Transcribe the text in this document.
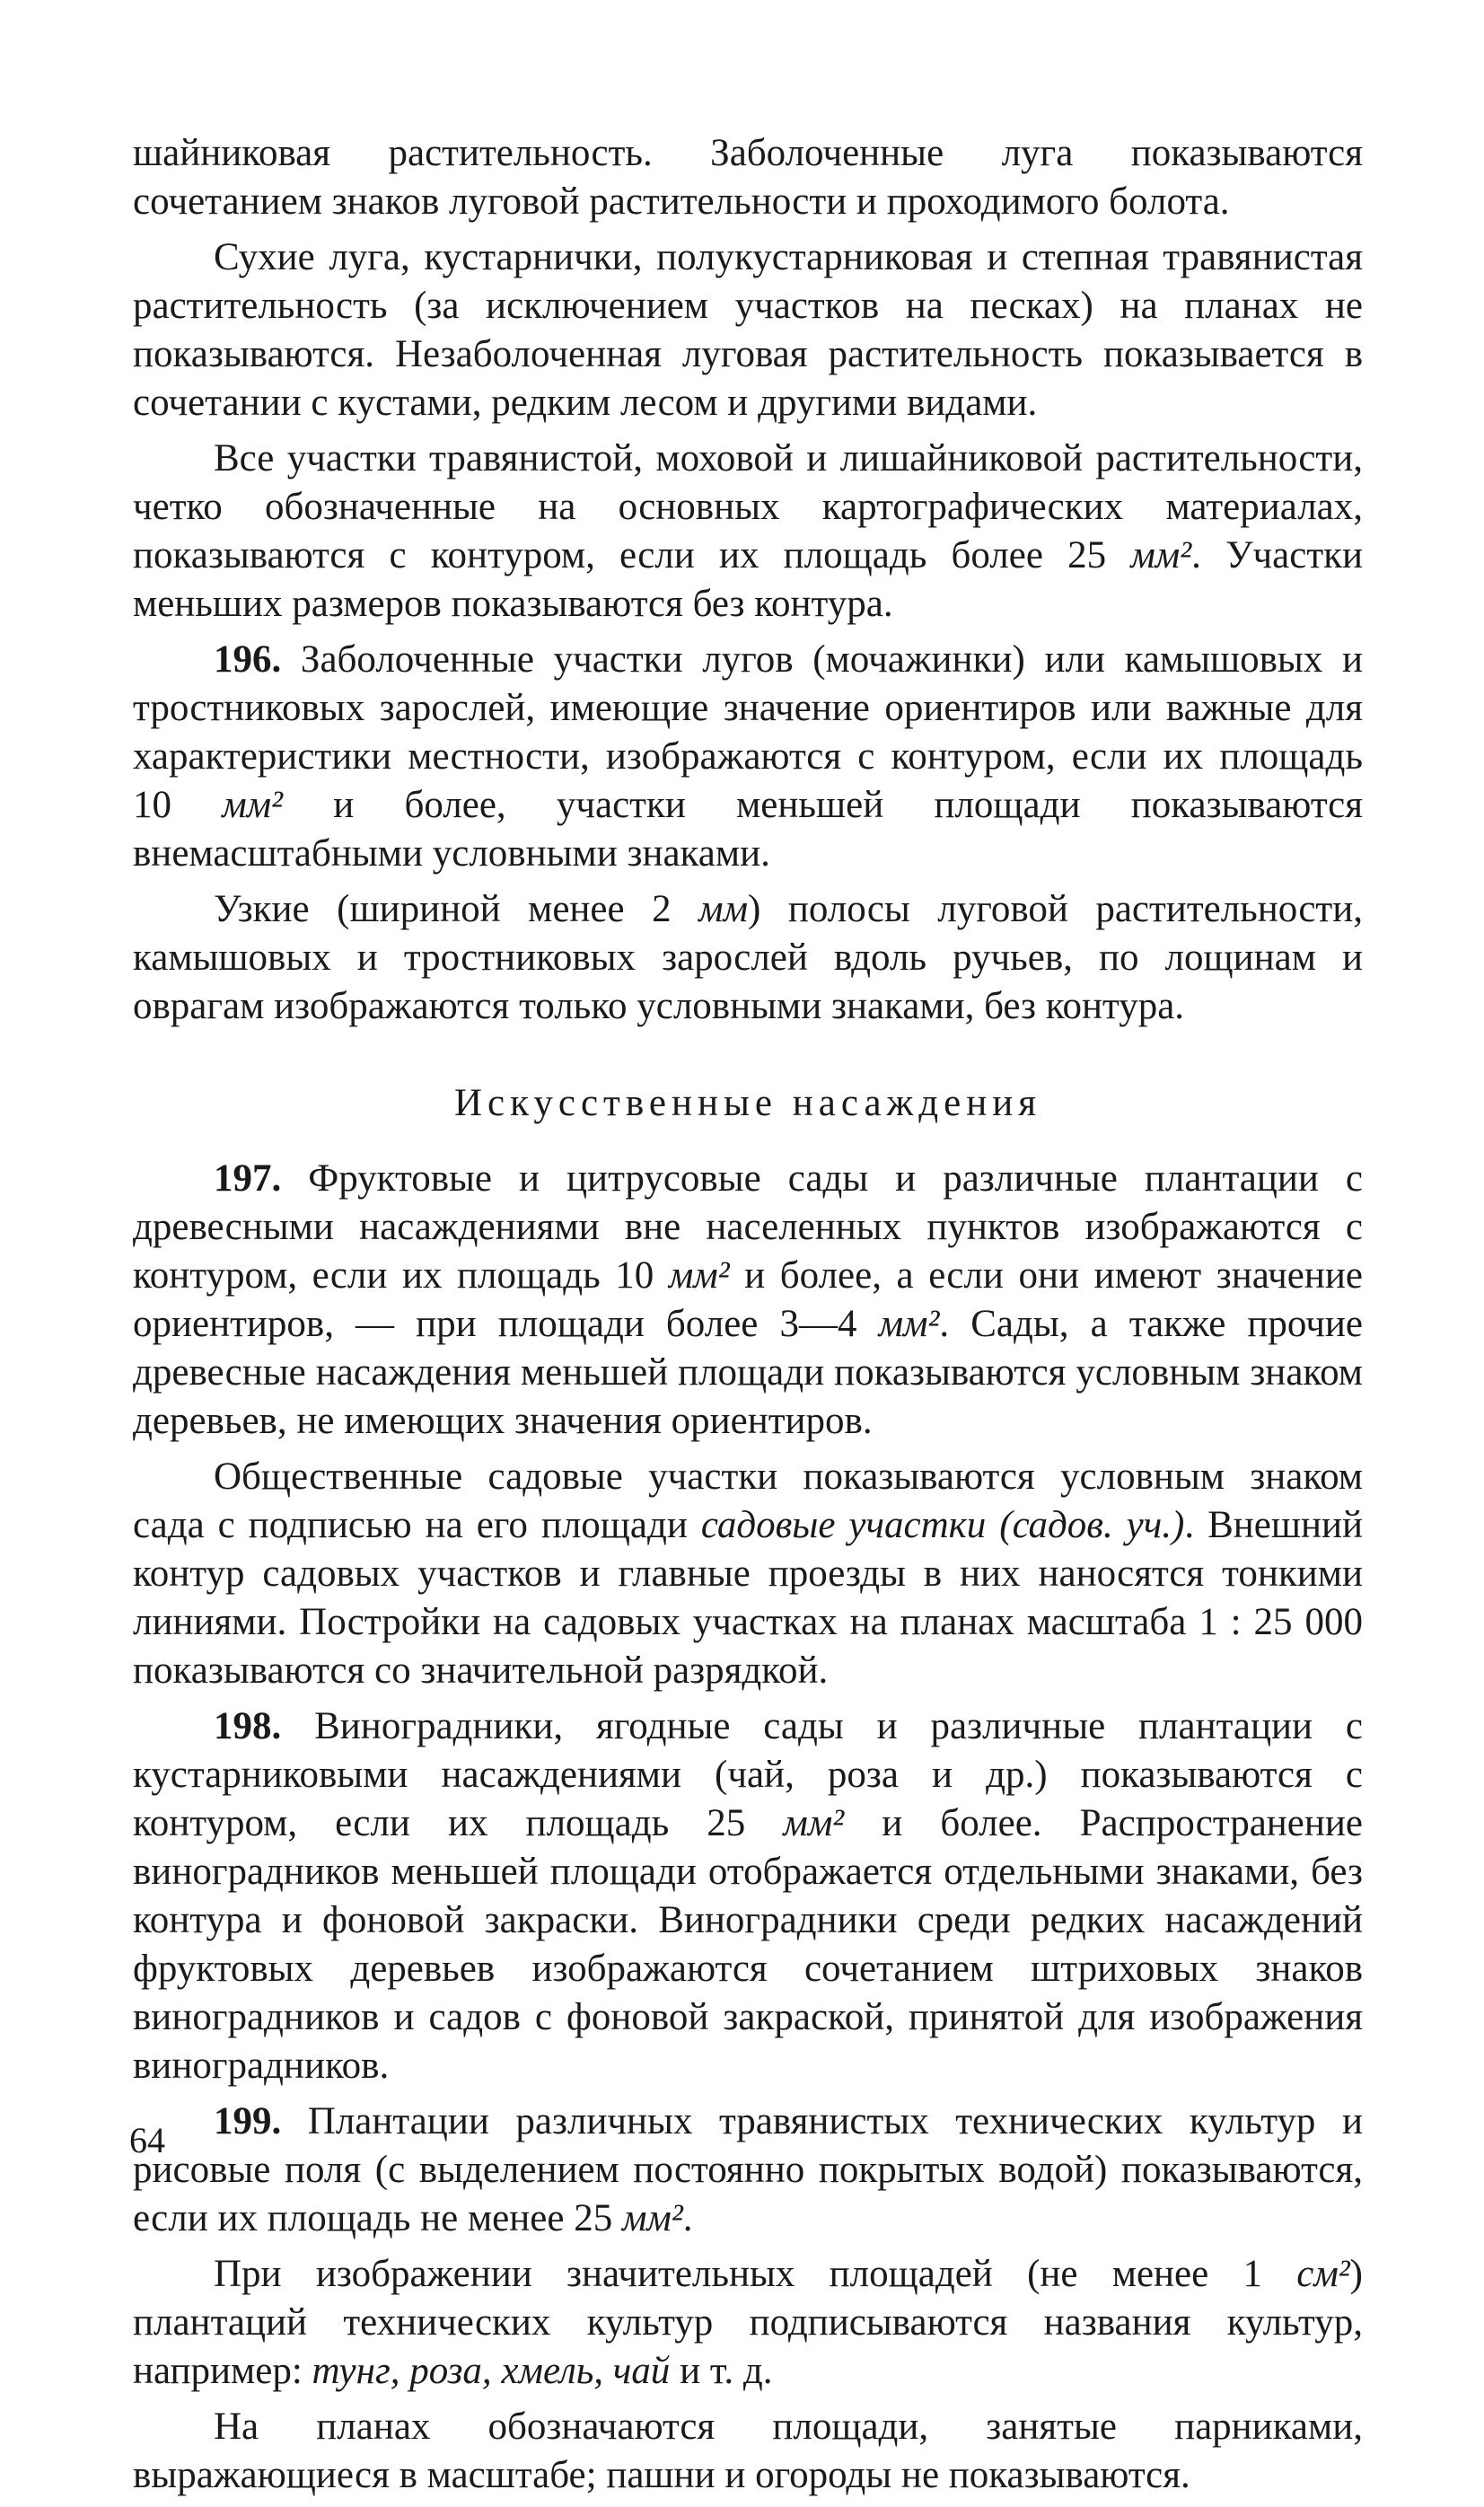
шайниковая растительность. Заболоченные луга показываются сочетанием знаков луговой растительности и проходимого болота.

Сухие луга, кустарнички, полукустарниковая и степная травянистая растительность (за исключением участков на песках) на планах не показываются. Незаболоченная луговая растительность показывается в сочетании с кустами, редким лесом и другими видами.

Все участки травянистой, моховой и лишайниковой растительности, четко обозначенные на основных картографических материалах, показываются с контуром, если их площадь более 25 мм². Участки меньших размеров показываются без контура.

196. Заболоченные участки лугов (мочажинки) или камышовых и тростниковых зарослей, имеющие значение ориентиров или важные для характеристики местности, изображаются с контуром, если их площадь 10 мм² и более, участки меньшей площади показываются внемасштабными условными знаками.

Узкие (шириной менее 2 мм) полосы луговой растительности, камышовых и тростниковых зарослей вдоль ручьев, по лощинам и оврагам изображаются только условными знаками, без контура.

Искусственные насаждения

197. Фруктовые и цитрусовые сады и различные плантации с древесными насаждениями вне населенных пунктов изображаются с контуром, если их площадь 10 мм² и более, а если они имеют значение ориентиров, — при площади более 3—4 мм². Сады, а также прочие древесные насаждения меньшей площади показываются условным знаком деревьев, не имеющих значения ориентиров.

Общественные садовые участки показываются условным знаком сада с подписью на его площади садовые участки (садов. уч.). Внешний контур садовых участков и главные проезды в них наносятся тонкими линиями. Постройки на садовых участках на планах масштаба 1 : 25 000 показываются со значительной разрядкой.

198. Виноградники, ягодные сады и различные плантации с кустарниковыми насаждениями (чай, роза и др.) показываются с контуром, если их площадь 25 мм² и более. Распространение виноградников меньшей площади отображается отдельными знаками, без контура и фоновой закраски. Виноградники среди редких насаждений фруктовых деревьев изображаются сочетанием штриховых знаков виноградников и садов с фоновой закраской, принятой для изображения виноградников.

199. Плантации различных травянистых технических культур и рисовые поля (с выделением постоянно покрытых водой) показываются, если их площадь не менее 25 мм².

При изображении значительных площадей (не менее 1 см²) плантаций технических культур подписываются названия культур, например: тунг, роза, хмель, чай и т. д.

На планах обозначаются площади, занятые парниками, выражающиеся в масштабе; пашни и огороды не показываются.

64
